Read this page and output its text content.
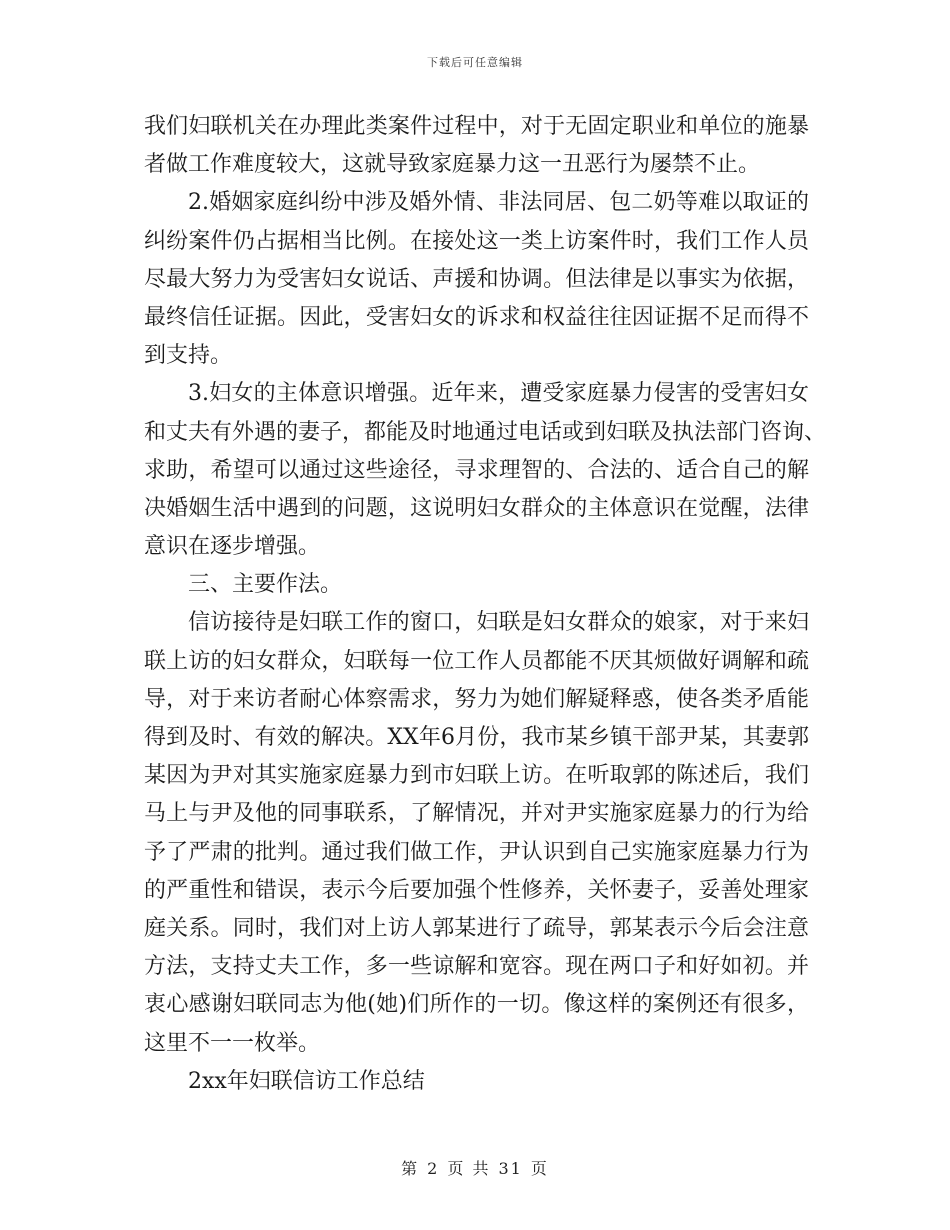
下载后可任意编辑
我们妇联机关在办理此类案件过程中，对于无固定职业和单位的施暴
者做工作难度较大，这就导致家庭暴力这一丑恶行为屡禁不止。
2.婚姻家庭纠纷中涉及婚外情、非法同居、包二奶等难以取证的
纠纷案件仍占据相当比例。在接处这一类上访案件时，我们工作人员
尽最大努力为受害妇女说话、声援和协调。但法律是以事实为依据，
最终信任证据。因此，受害妇女的诉求和权益往往因证据不足而得不
到支持。
3.妇女的主体意识增强。近年来，遭受家庭暴力侵害的受害妇女
和丈夫有外遇的妻子，都能及时地通过电话或到妇联及执法部门咨询、
求助，希望可以通过这些途径，寻求理智的、合法的、适合自己的解
决婚姻生活中遇到的问题，这说明妇女群众的主体意识在觉醒，法律
意识在逐步增强。
三、主要作法。
信访接待是妇联工作的窗口，妇联是妇女群众的娘家，对于来妇
联上访的妇女群众，妇联每一位工作人员都能不厌其烦做好调解和疏
导，对于来访者耐心体察需求，努力为她们解疑释惑，使各类矛盾能
得到及时、有效的解决。XX年6月份，我市某乡镇干部尹某，其妻郭
某因为尹对其实施家庭暴力到市妇联上访。在听取郭的陈述后，我们
马上与尹及他的同事联系，了解情况，并对尹实施家庭暴力的行为给
予了严肃的批判。通过我们做工作，尹认识到自己实施家庭暴力行为
的严重性和错误，表示今后要加强个性修养，关怀妻子，妥善处理家
庭关系。同时，我们对上访人郭某进行了疏导，郭某表示今后会注意
方法，支持丈夫工作，多一些谅解和宽容。现在两口子和好如初。并
衷心感谢妇联同志为他(她)们所作的一切。像这样的案例还有很多，
这里不一一枚举。
2xx年妇联信访工作总结
第 2 页 共 31 页
